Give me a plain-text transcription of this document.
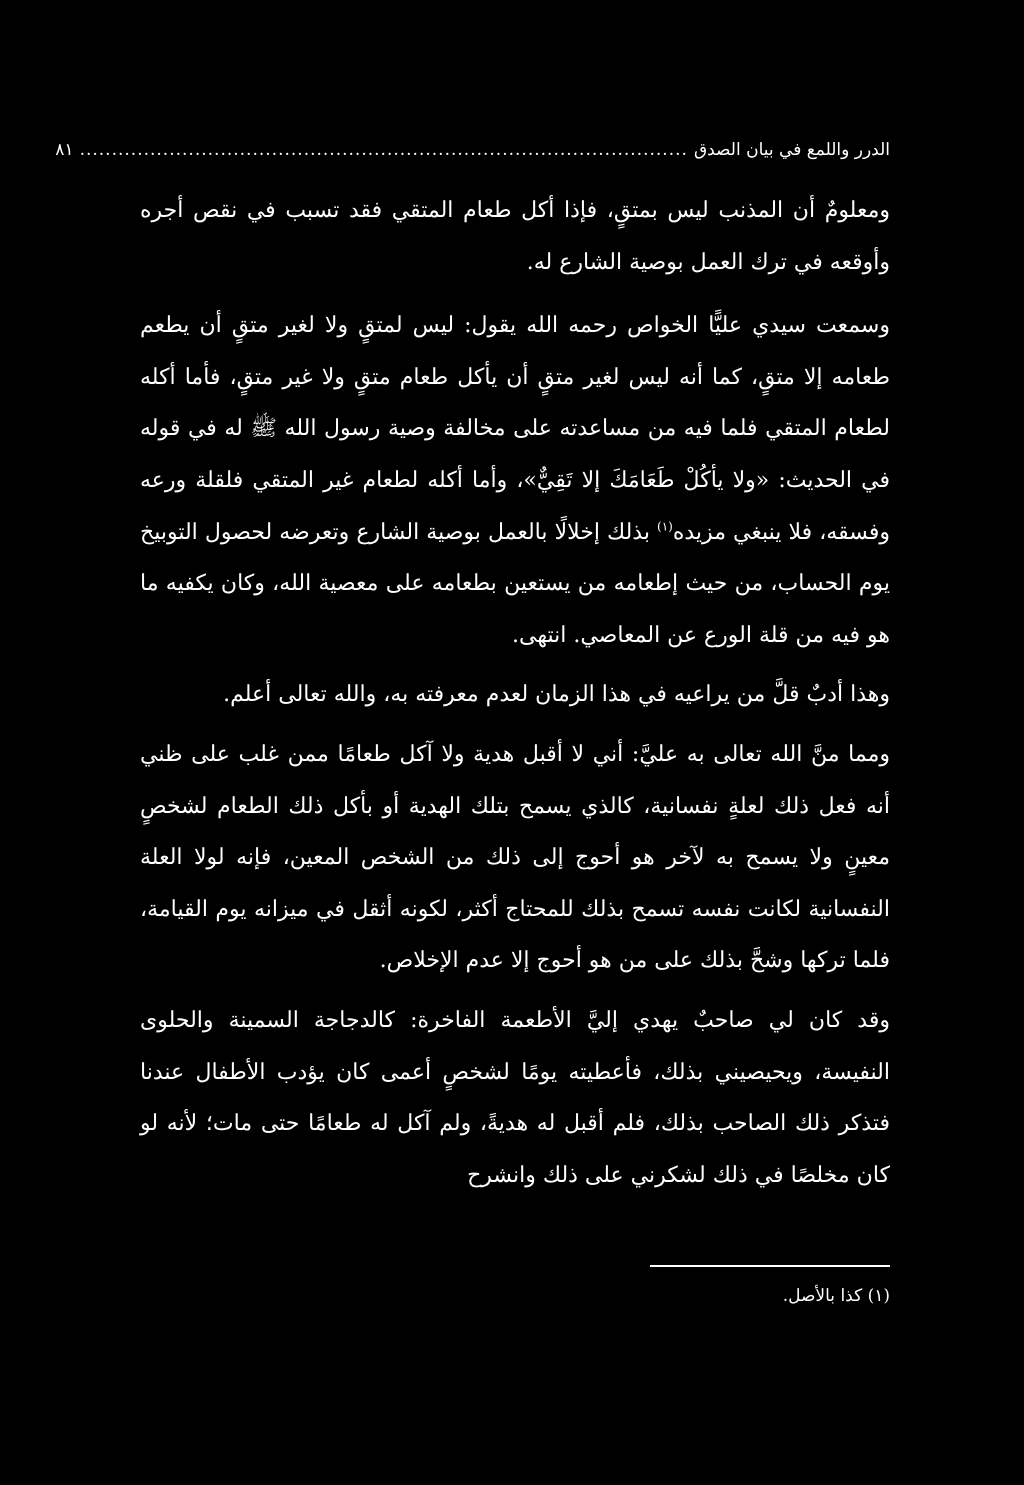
الدرر واللمع في بيان الصدق
...............................................................................................
٨١

ومعلومٌ أن المذنب ليس بمتقٍ، فإذا أكل طعام المتقي فقد تسبب في نقص أجره وأوقعه في ترك العمل بوصية الشارع له.

وسمعت سيدي عليًّا الخواص رحمه الله يقول: ليس لمتقٍ ولا لغير متقٍ أن يطعم طعامه إلا متقٍ، كما أنه ليس لغير متقٍ أن يأكل طعام متقٍ ولا غير متقٍ، فأما أكله لطعام المتقي فلما فيه من مساعدته على مخالفة وصية رسول الله ﷺ له في قوله في الحديث: «ولا يأكُلْ طَعَامَكَ إلا تَقِيٌّ»، وأما أكله لطعام غير المتقي فلقلة ورعه وفسقه، فلا ينبغي مزيده$^{(١)}$ بذلك إخلالًا بالعمل بوصية الشارع وتعرضه لحصول التوبيخ يوم الحساب، من حيث إطعامه من يستعين بطعامه على معصية الله، وكان يكفيه ما هو فيه من قلة الورع عن المعاصي. انتهى.

وهذا أدبٌ قلَّ من يراعيه في هذا الزمان لعدم معرفته به، والله تعالى أعلم.

ومما منَّ الله تعالى به عليَّ: أني لا أقبل هدية ولا آكل طعامًا ممن غلب على ظني أنه فعل ذلك لعلةٍ نفسانية، كالذي يسمح بتلك الهدية أو بأكل ذلك الطعام لشخصٍ معينٍ ولا يسمح به لآخر هو أحوج إلى ذلك من الشخص المعين، فإنه لولا العلة النفسانية لكانت نفسه تسمح بذلك للمحتاج أكثر، لكونه أثقل في ميزانه يوم القيامة، فلما تركها وشحَّ بذلك على من هو أحوج إلا عدم الإخلاص.

وقد كان لي صاحبٌ يهدي إليَّ الأطعمة الفاخرة: كالدجاجة السمينة والحلوى النفيسة، ويحيصيني بذلك، فأعطيته يومًا لشخصٍ أعمى كان يؤدب الأطفال عندنا فتذكر ذلك الصاحب بذلك، فلم أقبل له هديةً، ولم آكل له طعامًا حتى مات؛ لأنه لو كان مخلصًا في ذلك لشكرني على ذلك وانشرح

(١) كذا بالأصل.
